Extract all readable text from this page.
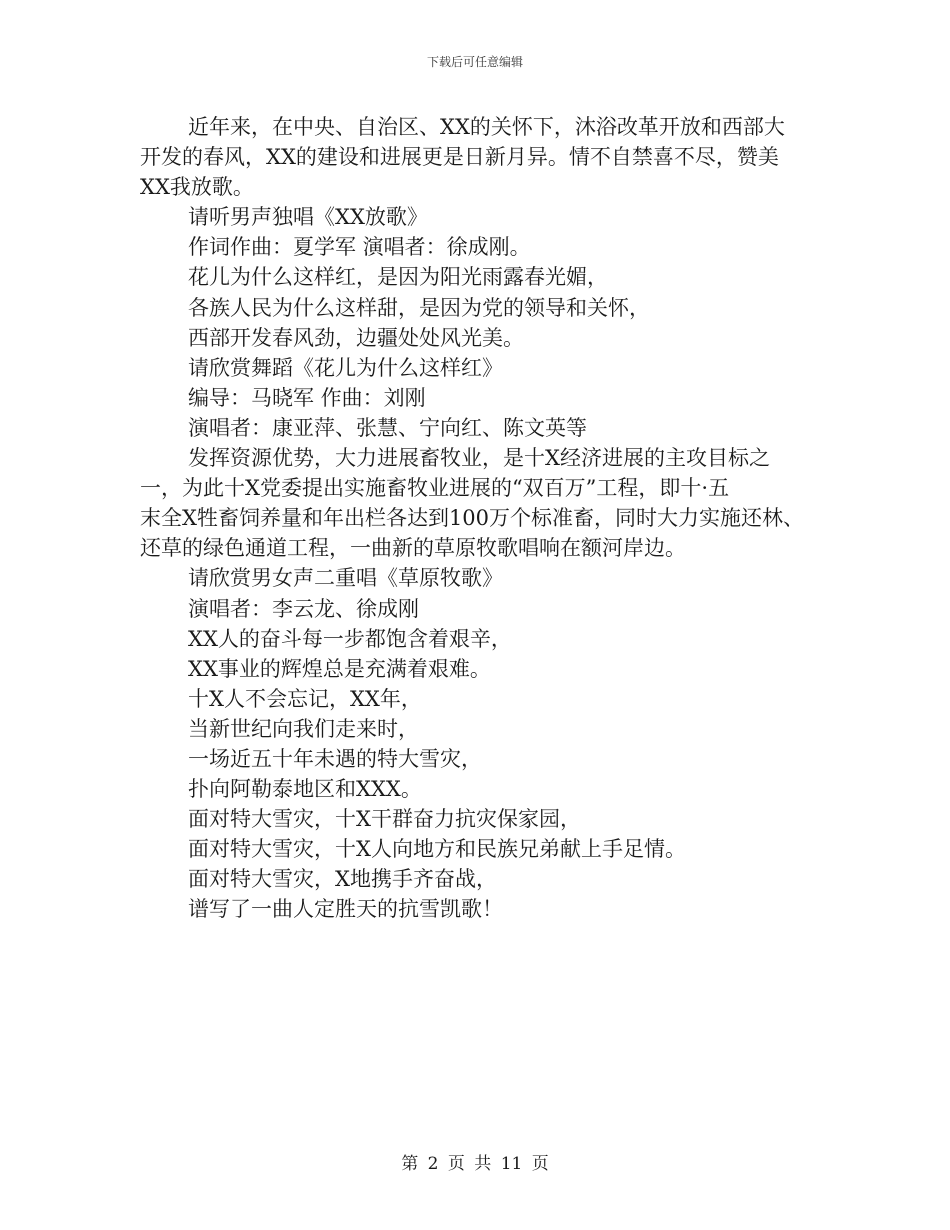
下载后可任意编辑
近年来，在中央、自治区、XX的关怀下，沐浴改革开放和西部大
开发的春风，XX的建设和进展更是日新月异。情不自禁喜不尽，赞美
XX我放歌。
请听男声独唱《XX放歌》
作词作曲：夏学军 演唱者：徐成刚。
花儿为什么这样红，是因为阳光雨露春光媚，
各族人民为什么这样甜，是因为党的领导和关怀，
西部开发春风劲，边疆处处风光美。
请欣赏舞蹈《花儿为什么这样红》
编导：马晓军 作曲：刘刚
演唱者：康亚萍、张慧、宁向红、陈文英等
发挥资源优势，大力进展畜牧业，是十X经济进展的主攻目标之
一，为此十X党委提出实施畜牧业进展的“双百万”工程，即十·五
末全X牲畜饲养量和年出栏各达到100万个标准畜，同时大力实施还林、
还草的绿色通道工程，一曲新的草原牧歌唱响在额河岸边。
请欣赏男女声二重唱《草原牧歌》
演唱者：李云龙、徐成刚
XX人的奋斗每一步都饱含着艰辛，
XX事业的辉煌总是充满着艰难。
十X人不会忘记，XX年，
当新世纪向我们走来时，
一场近五十年未遇的特大雪灾，
扑向阿勒泰地区和XXX。
面对特大雪灾，十X干群奋力抗灾保家园，
面对特大雪灾，十X人向地方和民族兄弟献上手足情。
面对特大雪灾，X地携手齐奋战，
谱写了一曲人定胜天的抗雪凯歌！
第 2 页 共 11 页
